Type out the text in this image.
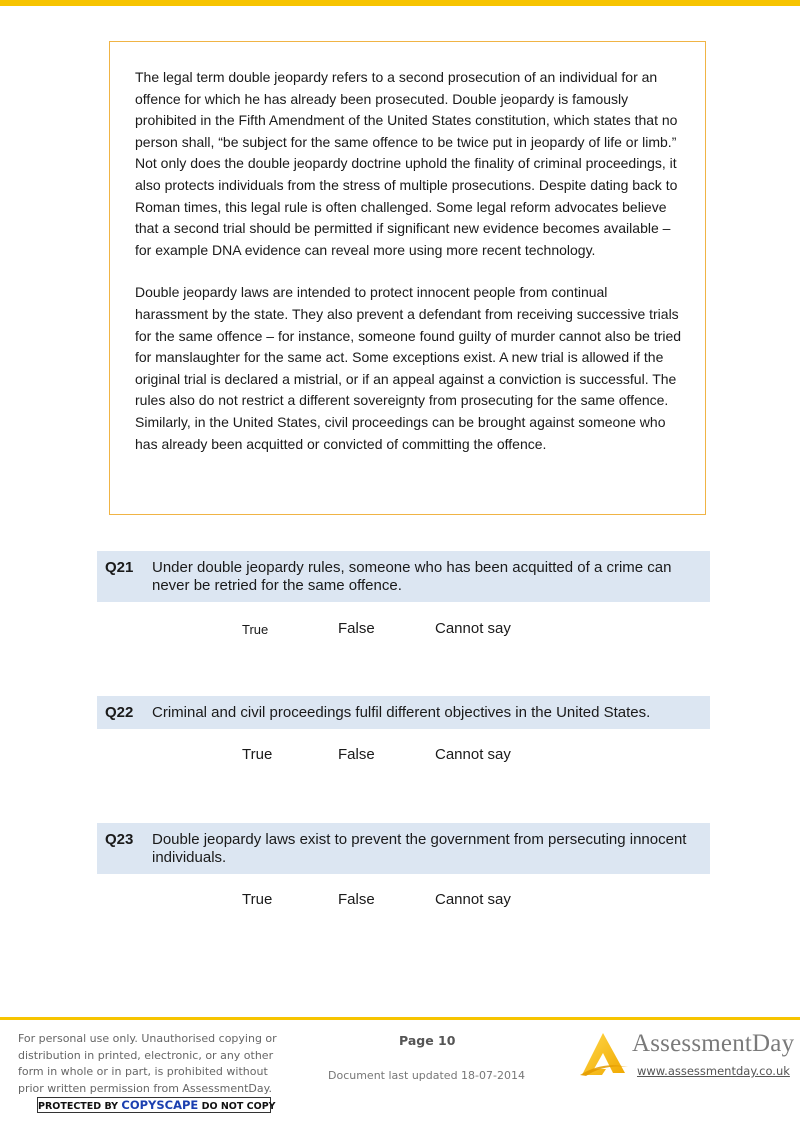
The legal term double jeopardy refers to a second prosecution of an individual for an offence for which he has already been prosecuted. Double jeopardy is famously prohibited in the Fifth Amendment of the United States constitution, which states that no person shall, “be subject for the same offence to be twice put in jeopardy of life or limb.” Not only does the double jeopardy doctrine uphold the finality of criminal proceedings, it also protects individuals from the stress of multiple prosecutions. Despite dating back to Roman times, this legal rule is often challenged. Some legal reform advocates believe that a second trial should be permitted if significant new evidence becomes available – for example DNA evidence can reveal more using more recent technology.

Double jeopardy laws are intended to protect innocent people from continual harassment by the state. They also prevent a defendant from receiving successive trials for the same offence – for instance, someone found guilty of murder cannot also be tried for manslaughter for the same act. Some exceptions exist. A new trial is allowed if the original trial is declared a mistrial, or if an appeal against a conviction is successful. The rules also do not restrict a different sovereignty from prosecuting for the same offence. Similarly, in the United States, civil proceedings can be brought against someone who has already been acquitted or convicted of committing the offence.

Q21	Under double jeopardy rules, someone who has been acquitted of a crime can never be retried for the same offence.
True	False	Cannot say
Q22	Criminal and civil proceedings fulfil different objectives in the United States.
True	False	Cannot say
Q23	Double jeopardy laws exist to prevent the government from persecuting innocent individuals.
True	False	Cannot say
For personal use only. Unauthorised copying or distribution in printed, electronic, or any other form in whole or in part, is prohibited without prior written permission from AssessmentDay.
PROTECTED BY COPYSCAPE DO NOT COPY
Page 10
Document last updated 18-07-2014
AssessmentDay
www.assessmentday.co.uk
